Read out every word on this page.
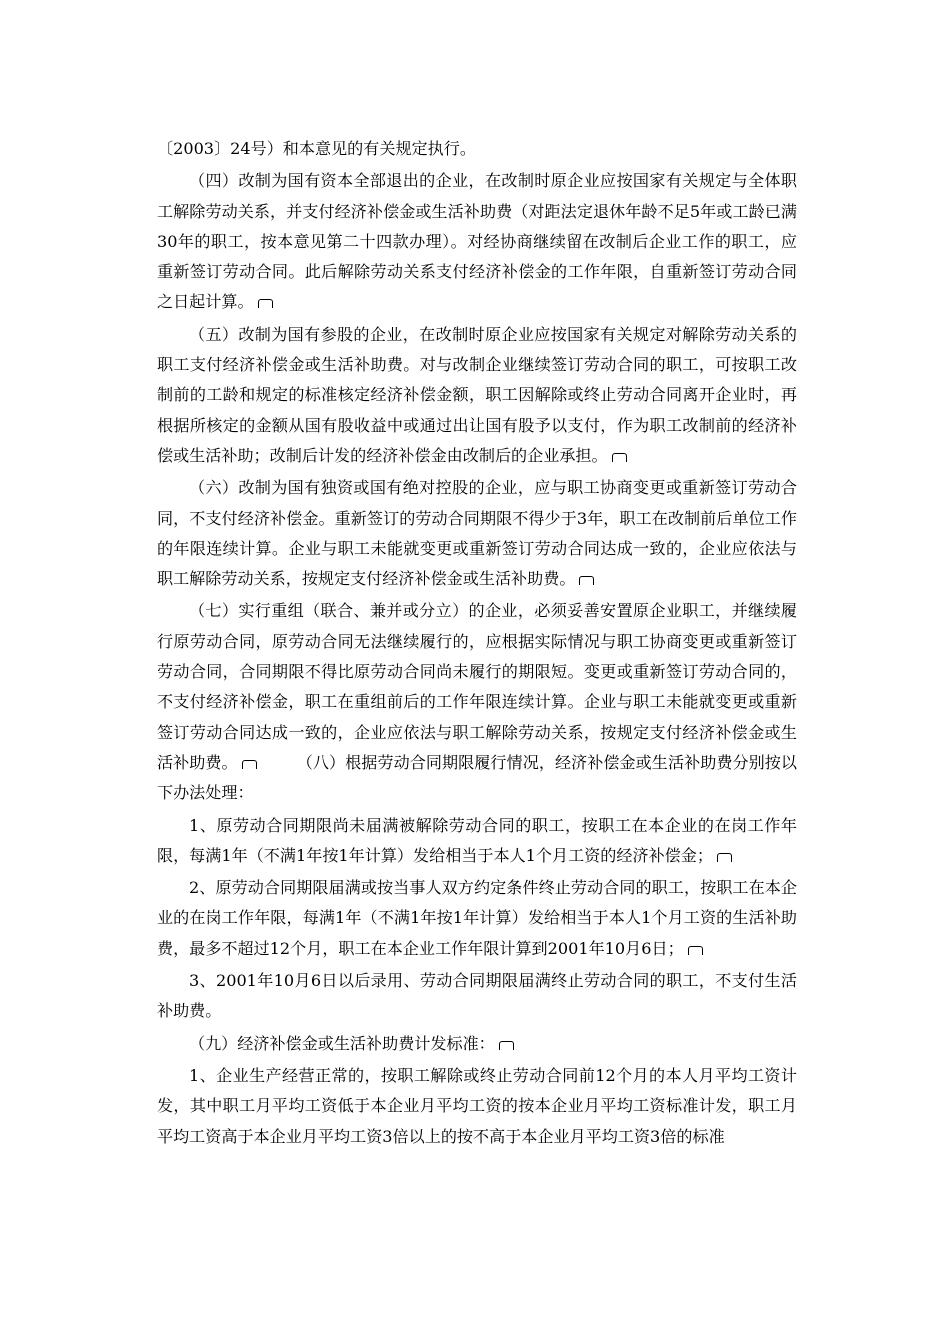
〔2003〕24号）和本意见的有关规定执行。

（四）改制为国有资本全部退出的企业，在改制时原企业应按国家有关规定与全体职工解除劳动关系，并支付经济补偿金或生活补助费（对距法定退休年龄不足5年或工龄已满30年的职工，按本意见第二十四款办理）。对经协商继续留在改制后企业工作的职工，应重新签订劳动合同。此后解除劳动关系支付经济补偿金的工作年限，自重新签订劳动合同之日起计算。

（五）改制为国有参股的企业，在改制时原企业应按国家有关规定对解除劳动关系的职工支付经济补偿金或生活补助费。对与改制企业继续签订劳动合同的职工，可按职工改制前的工龄和规定的标准核定经济补偿金额，职工因解除或终止劳动合同离开企业时，再根据所核定的金额从国有股收益中或通过出让国有股予以支付，作为职工改制前的经济补偿或生活补助；改制后计发的经济补偿金由改制后的企业承担。

（六）改制为国有独资或国有绝对控股的企业，应与职工协商变更或重新签订劳动合同，不支付经济补偿金。重新签订的劳动合同期限不得少于3年，职工在改制前后单位工作的年限连续计算。企业与职工未能就变更或重新签订劳动合同达成一致的，企业应依法与职工解除劳动关系，按规定支付经济补偿金或生活补助费。

（七）实行重组（联合、兼并或分立）的企业，必须妥善安置原企业职工，并继续履行原劳动合同，原劳动合同无法继续履行的，应根据实际情况与职工协商变更或重新签订劳动合同，合同期限不得比原劳动合同尚未履行的期限短。变更或重新签订劳动合同的，不支付经济补偿金，职工在重组前后的工作年限连续计算。企业与职工未能就变更或重新签订劳动合同达成一致的，企业应依法与职工解除劳动关系，按规定支付经济补偿金或生活补助费。	（八）根据劳动合同期限履行情况，经济补偿金或生活补助费分别按以下办法处理：

1、原劳动合同期限尚未届满被解除劳动合同的职工，按职工在本企业的在岗工作年限，每满1年（不满1年按1年计算）发给相当于本人1个月工资的经济补偿金；

2、原劳动合同期限届满或按当事人双方约定条件终止劳动合同的职工，按职工在本企业的在岗工作年限，每满1年（不满1年按1年计算）发给相当于本人1个月工资的生活补助费，最多不超过12个月，职工在本企业工作年限计算到2001年10月6日；

3、2001年10月6日以后录用、劳动合同期限届满终止劳动合同的职工，不支付生活补助费。

（九）经济补偿金或生活补助费计发标准：

1、企业生产经营正常的，按职工解除或终止劳动合同前12个月的本人月平均工资计发，其中职工月平均工资低于本企业月平均工资的按本企业月平均工资标准计发，职工月平均工资高于本企业月平均工资3倍以上的按不高于本企业月平均工资3倍的标准
